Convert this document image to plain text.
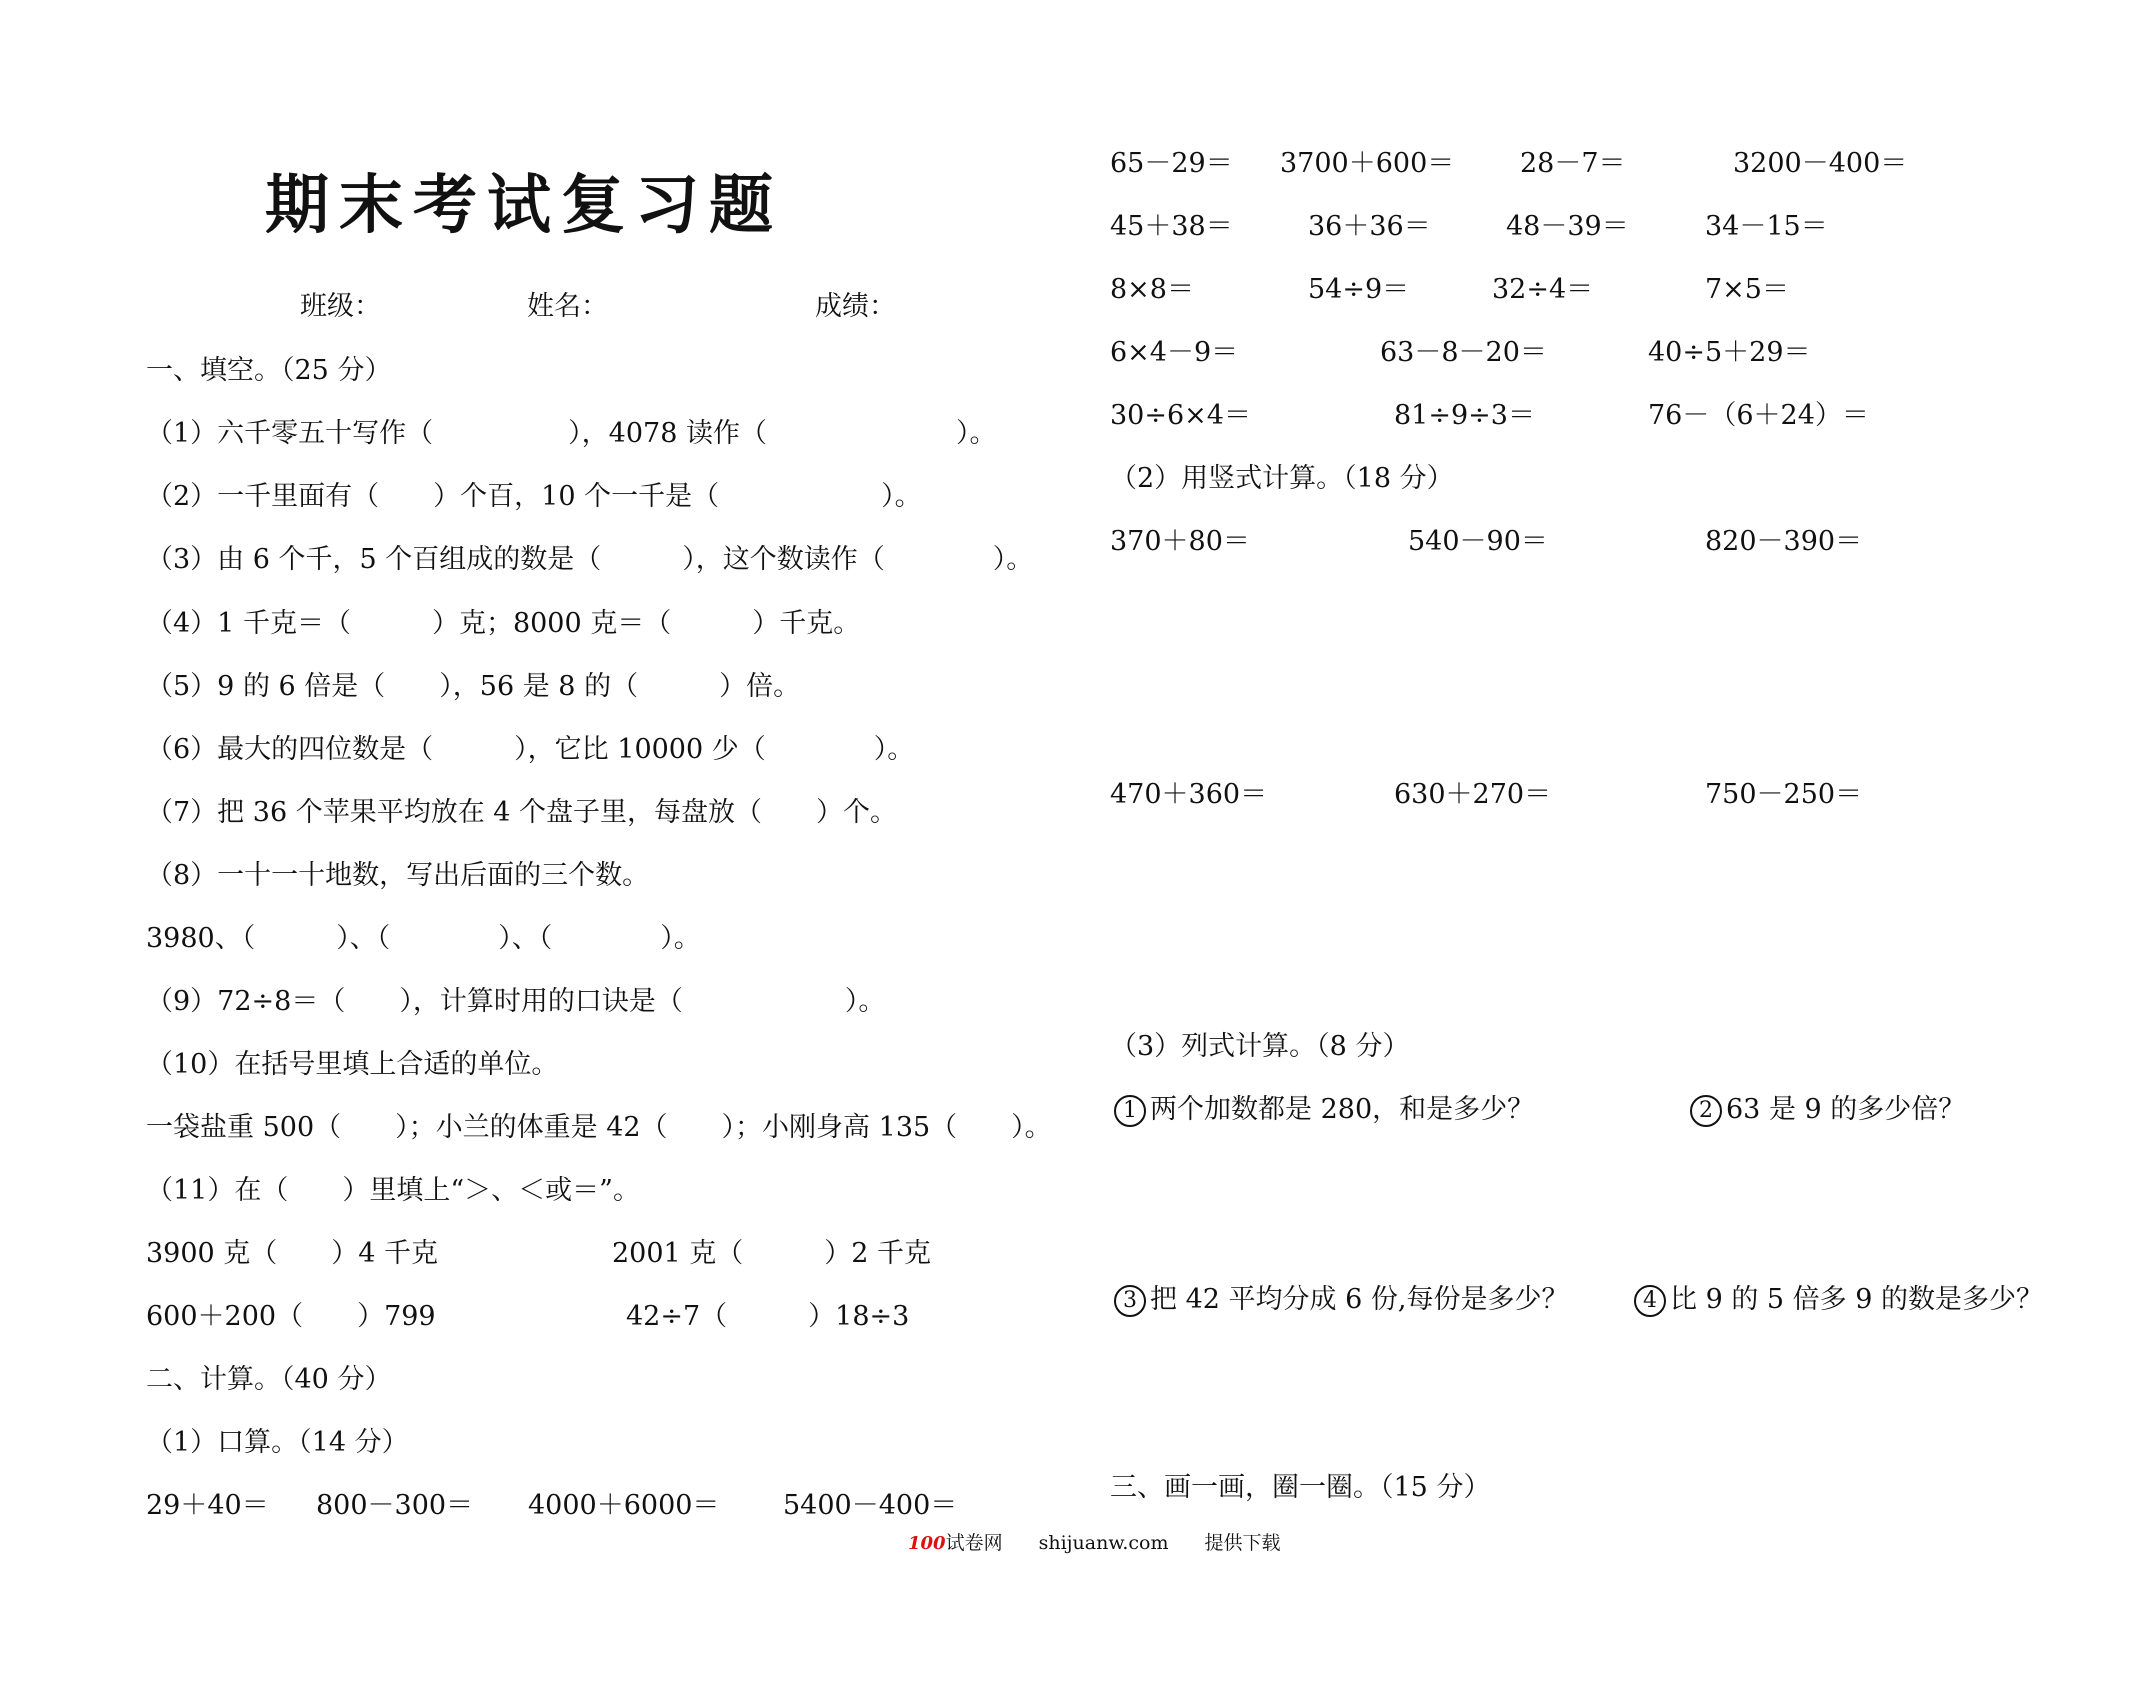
期末考试复习题
班级：	姓名：	成绩：
一、填空。（25 分）
（1）六千零五十写作（　　　　　），4078 读作（　　　　　　　）。
（2）一千里面有（　　）个百，10 个一千是（　　　　　　）。
（3）由 6 个千，5 个百组成的数是（　　　），这个数读作（　　　　）。
（4）1 千克＝（　　　）克；8000 克＝（　　　）千克。
（5）9 的 6 倍是（　　），56 是 8 的（　　　）倍。
（6）最大的四位数是（　　　），它比 10000 少（　　　　）。
（7）把 36 个苹果平均放在 4 个盘子里，每盘放（　　）个。
（8）一十一十地数，写出后面的三个数。
3980、（　　　）、（　　　　）、（　　　　）。
（9）72÷8＝（　　），计算时用的口诀是（　　　　　　）。
（10）在括号里填上合适的单位。
一袋盐重 500（　　）；小兰的体重是 42（　　）；小刚身高 135（　　）。
（11）在（　　）里填上“＞、＜或＝”。
3900 克（　　）4 千克	2001 克（　　　）2 千克
600＋200（　　）799	42÷7（　　　）18÷3
二、计算。（40 分）
（1）口算。（14 分）
29＋40＝ 800－300＝ 4000＋6000＝ 5400－400＝
65－29＝ 3700＋600＝ 28－7＝	3200－400＝
45＋38＝	36＋36＝	48－39＝	34－15＝
8×8＝	54÷9＝	32÷4＝	7×5＝
6×4－9＝	63－8－20＝	40÷5＋29＝
30÷6×4＝	81÷9÷3＝	76－（6＋24）＝
（2）用竖式计算。（18 分）
370＋80＝	540－90＝	820－390＝
470＋360＝	630＋270＝	750－250＝
（3）列式计算。（8 分）
1 两个加数都是 280，和是多少？	2 63 是 9 的多少倍？
3 把 42 平均分成 6 份,每份是多少？	4 比 9 的 5 倍多 9 的数是多少？
三、画一画，圈一圈。（15 分）
100试卷网 shijuanw.com 提供下载
